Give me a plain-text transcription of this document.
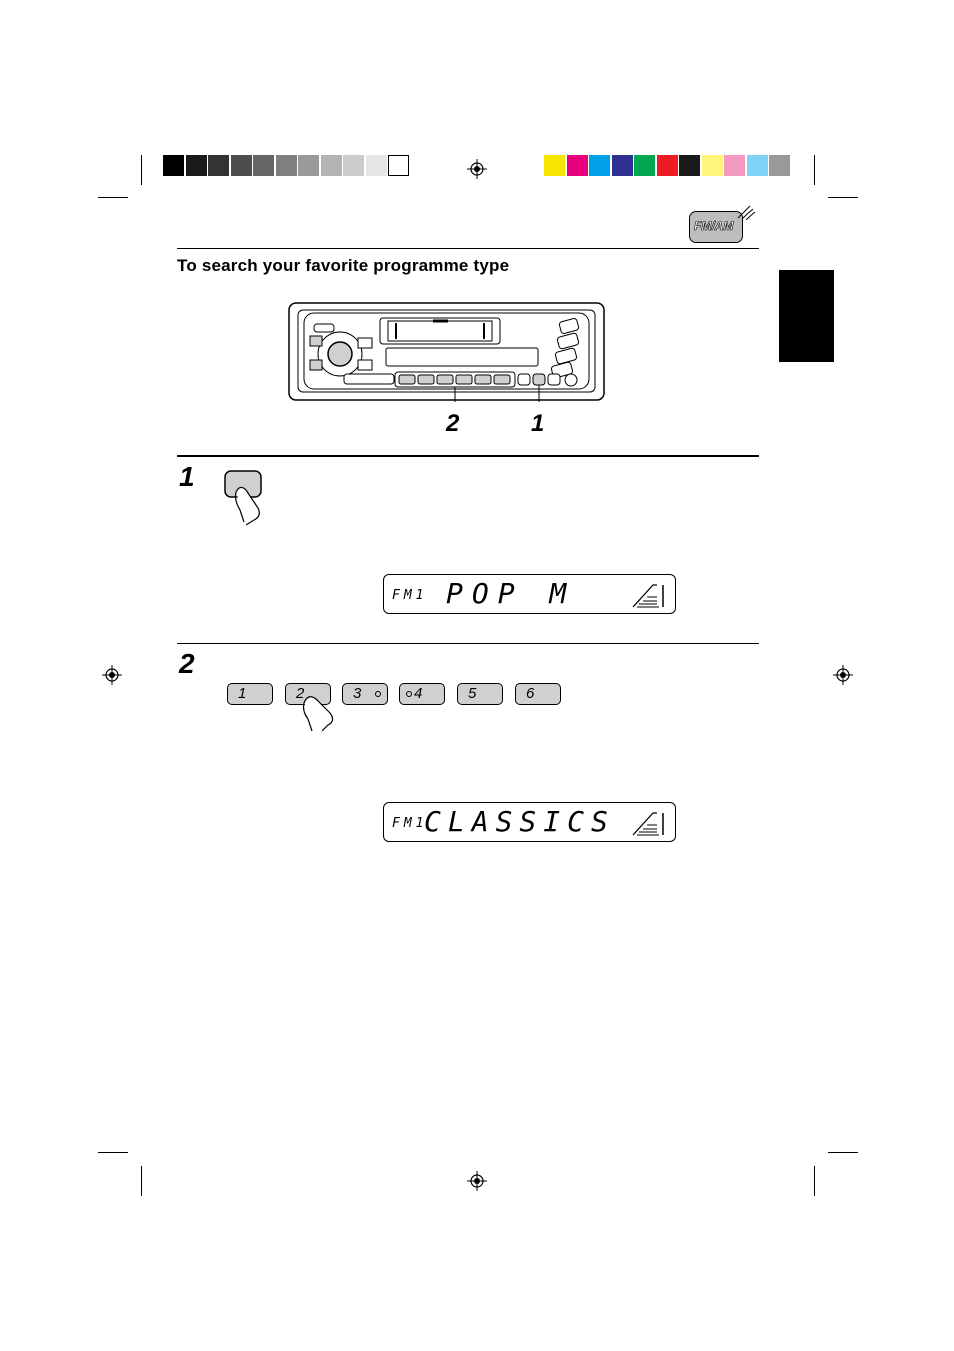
FM/AM
To search your favorite programme type
2	1
1
FM1 POP M
2
1	2	3	4	5	6
FM1
CLASSICS
